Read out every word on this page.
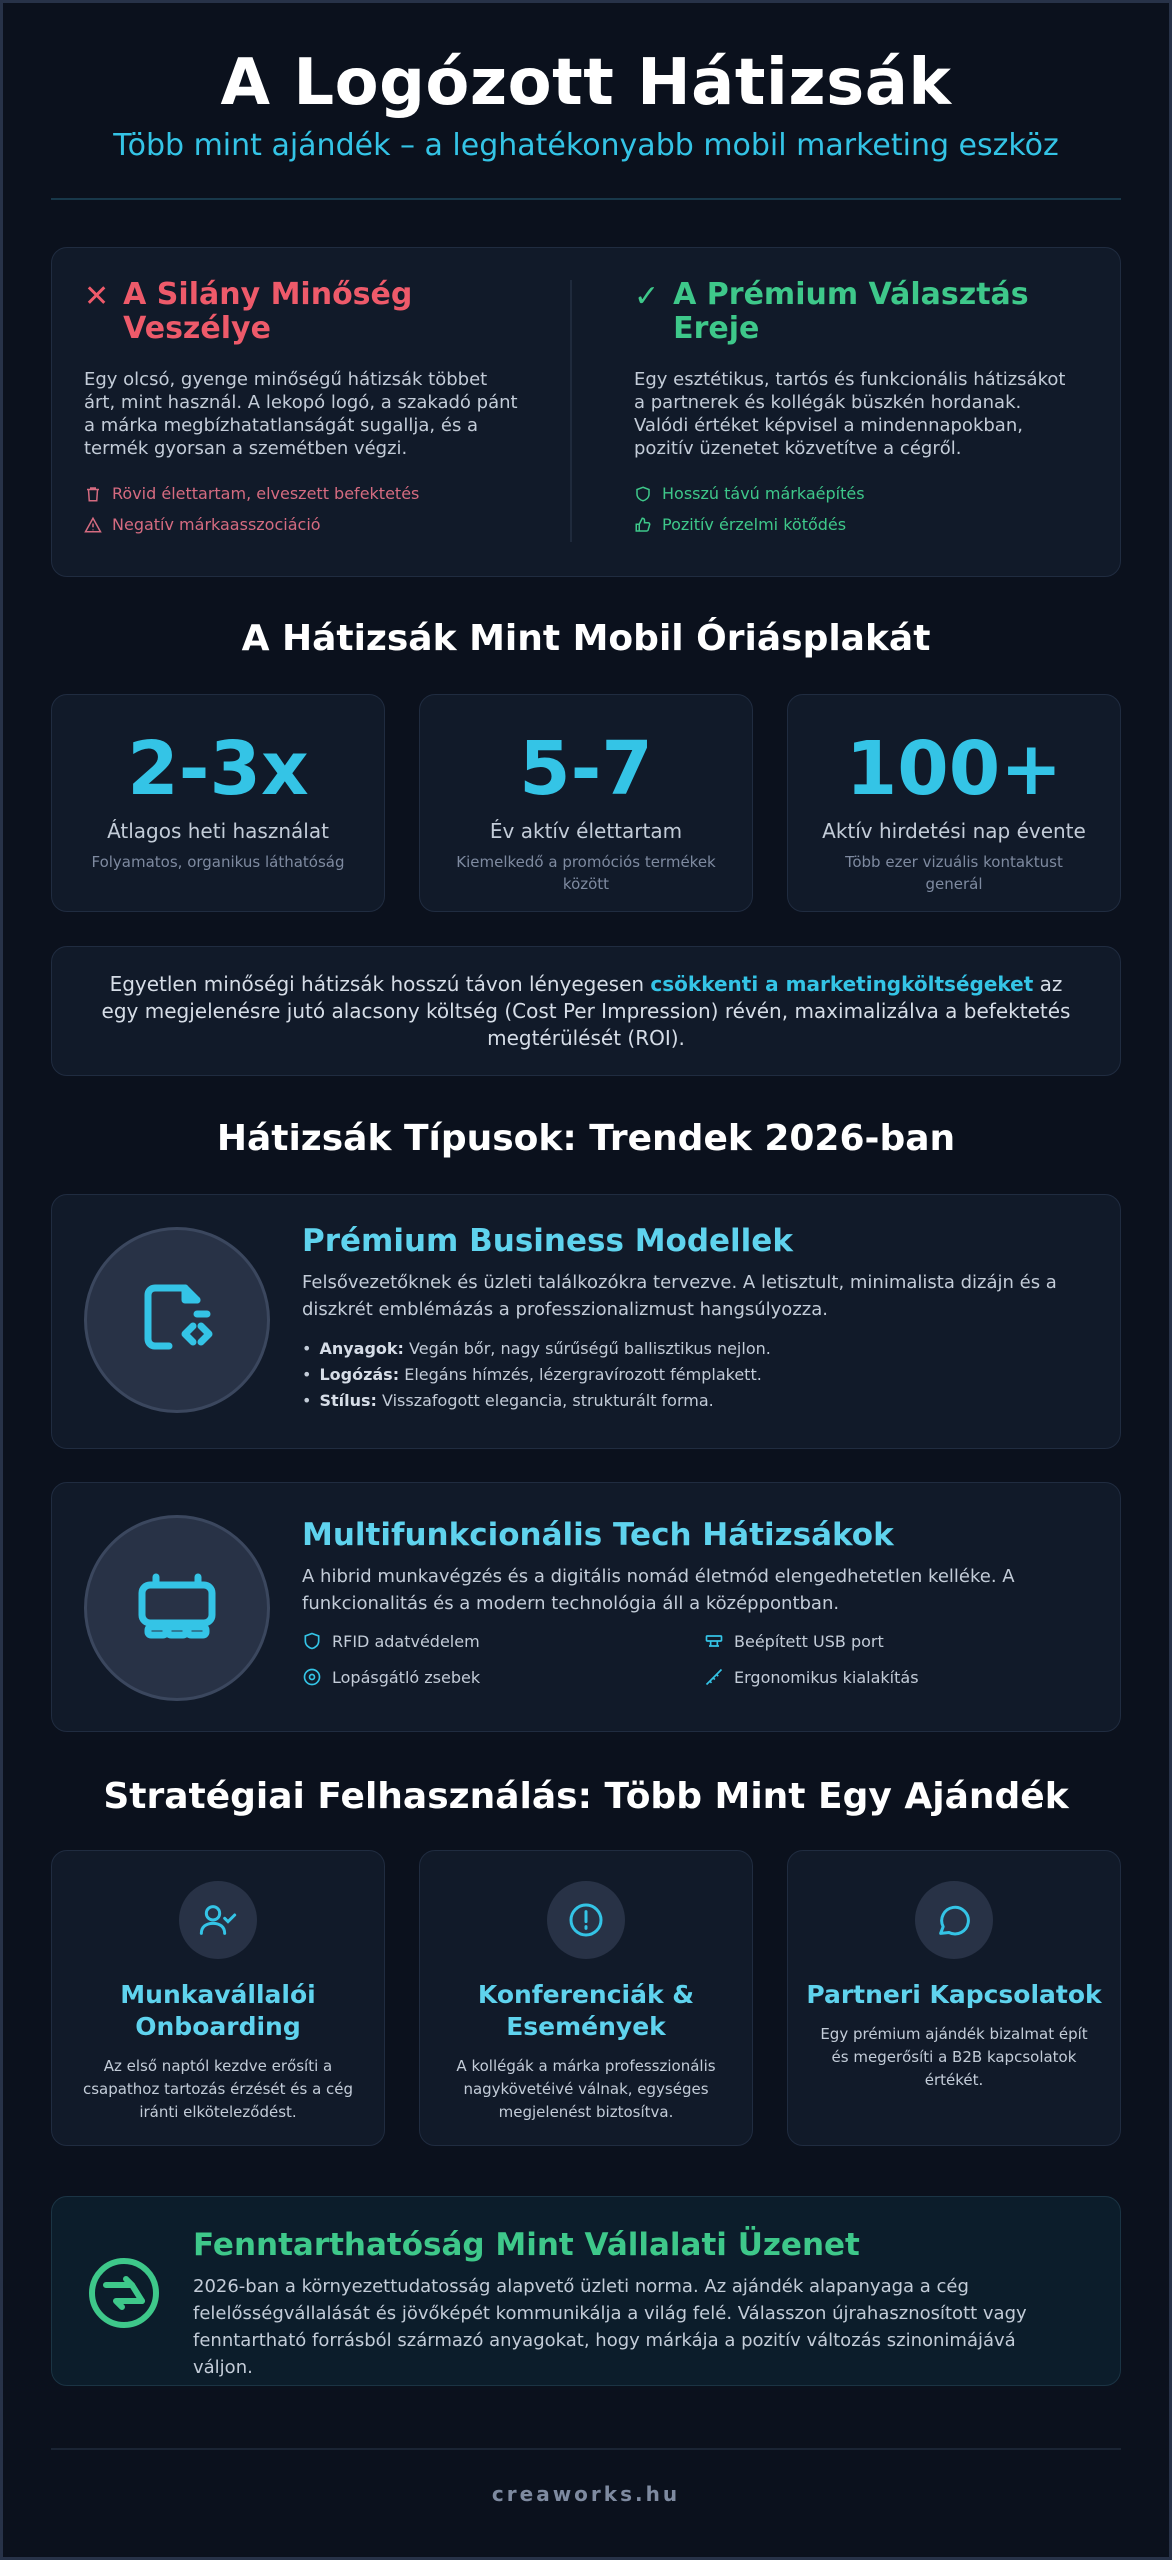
A Logózott Hátizsák
Több mint ajándék – a leghatékonyabb mobil marketing eszköz
✕ A Silány Minőség Veszélye

Egy olcsó, gyenge minőségű hátizsák többet árt, mint használ. A lekopó logó, a szakadó pánt a márka megbízhatatlanságát sugallja, és a termék gyorsan a szemétben végzi.

Rövid élettartam, elveszett befektetés
Negatív márkaasszociáció
✓ A Prémium Választás Ereje

Egy esztétikus, tartós és funkcionális hátizsákot a partnerek és kollégák büszkén hordanak. Valódi értéket képvisel a mindennapokban, pozitív üzenetet közvetítve a cégről.

Hosszú távú márkaépítés
Pozitív érzelmi kötődés
A Hátizsák Mint Mobil Óriásplakát
2-3x
Átlagos heti használat
Folyamatos, organikus láthatóság
5-7
Év aktív élettartam
Kiemelkedő a promóciós termékek között
100+
Aktív hirdetési nap évente
Több ezer vizuális kontaktust generál
Egyetlen minőségi hátizsák hosszú távon lényegesen csökkenti a marketingköltségeket az egy megjelenésre jutó alacsony költség (Cost Per Impression) révén, maximalizálva a befektetés megtérülését (ROI).
Hátizsák Típusok: Trendek 2026-ban
Prémium Business Modellek

Felsővezetőknek és üzleti találkozókra tervezve. A letisztult, minimalista dizájn és a diszkrét emblémázás a professzionalizmust hangsúlyozza.

• Anyagok: Vegán bőr, nagy sűrűségű ballisztikus nejlon.
• Logózás: Elegáns hímzés, lézergravírozott fémplakett.
• Stílus: Visszafogott elegancia, strukturált forma.
Multifunkcionális Tech Hátizsákok

A hibrid munkavégzés és a digitális nomád életmód elengedhetetlen kelléke. A funkcionalitás és a modern technológia áll a középpontban.

RFID adatvédelem	Beépített USB port
Lopásgátló zsebek	Ergonomikus kialakítás
Stratégiai Felhasználás: Több Mint Egy Ajándék
Munkavállalói Onboarding
Az első naptól kezdve erősíti a csapathoz tartozás érzését és a cég iránti elköteleződést.
Konferenciák & Események
A kollégák a márka professzionális nagykövetéivé válnak, egységes megjelenést biztosítva.
Partneri Kapcsolatok
Egy prémium ajándék bizalmat épít és megerősíti a B2B kapcsolatok értékét.
Fenntarthatóság Mint Vállalati Üzenet

2026-ban a környezettudatosság alapvető üzleti norma. Az ajándék alapanyaga a cég felelősségvállalását és jövőképét kommunikálja a világ felé. Válasszon újrahasznosított vagy fenntartható forrásból származó anyagokat, hogy márkája a pozitív változás szinonimájává váljon.

creaworks.hu
